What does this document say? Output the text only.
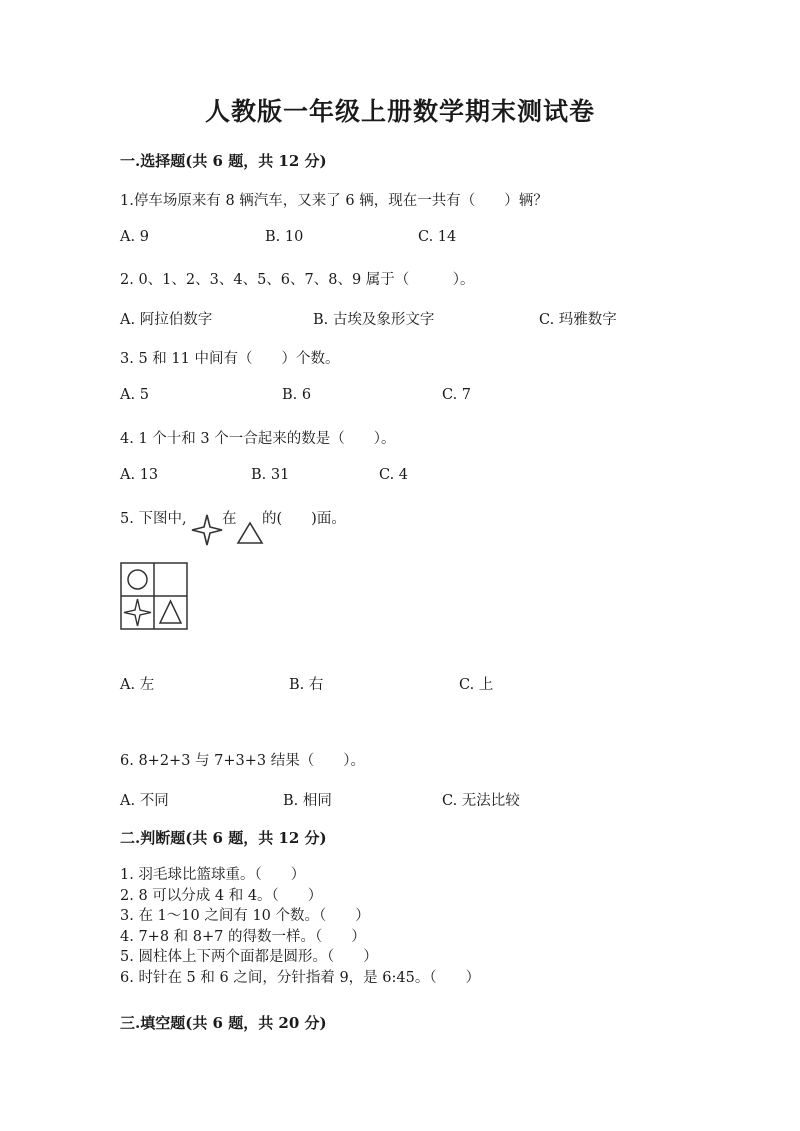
人教版一年级上册数学期末测试卷
一.选择题(共 6 题，共 12 分)
1.停车场原来有 8 辆汽车，又来了 6 辆，现在一共有（　　）辆？
A. 9	B. 10	C. 14
2. 0、1、2、3、4、5、6、7、8、9 属于（　　　）。
A. 阿拉伯数字	B. 古埃及象形文字	C. 玛雅数字
3. 5 和 11 中间有（　　）个数。
A. 5	B. 6	C. 7
4. 1 个十和 3 个一合起来的数是（　　）。
A. 13	B. 31	C. 4
5. 下图中, 在 的(　　)面。
A. 左	B. 右	C. 上
6. 8+2+3 与 7+3+3 结果（　　）。
A. 不同	B. 相同	C. 无法比较
二.判断题(共 6 题，共 12 分)
1. 羽毛球比篮球重。（　　）
2. 8 可以分成 4 和 4。（　　）
3. 在 1～10 之间有 10 个数。（　　）
4. 7+8 和 8+7 的得数一样。（　　）
5. 圆柱体上下两个面都是圆形。（　　）
6. 时针在 5 和 6 之间，分针指着 9，是 6:45。（　　）
三.填空题(共 6 题，共 20 分)
